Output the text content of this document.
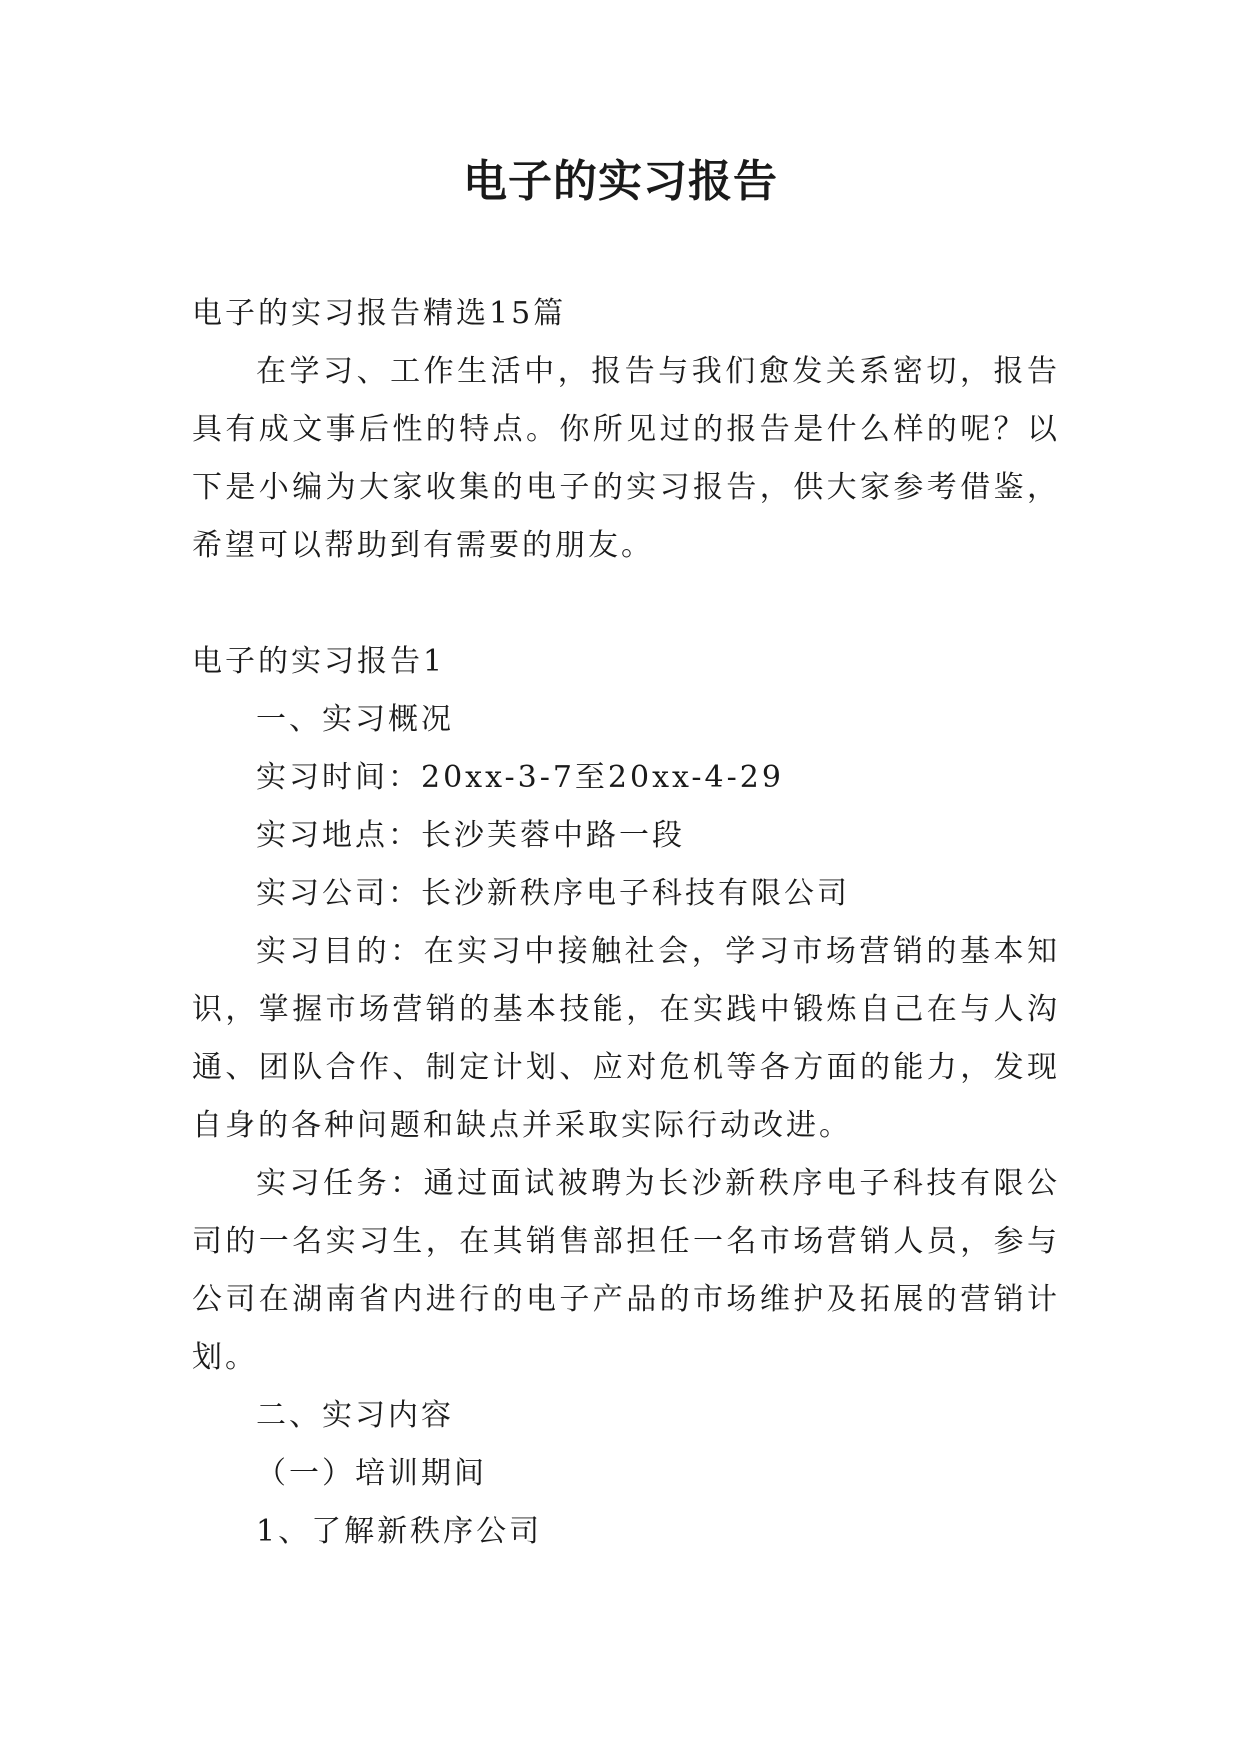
电子的实习报告

电子的实习报告精选15篇

在学习、工作生活中，报告与我们愈发关系密切，报告具有成文事后性的特点。你所见过的报告是什么样的呢？以下是小编为大家收集的电子的实习报告，供大家参考借鉴，希望可以帮助到有需要的朋友。

电子的实习报告1

一、实习概况

实习时间：20xx-3-7至20xx-4-29

实习地点：长沙芙蓉中路一段

实习公司：长沙新秩序电子科技有限公司

实习目的：在实习中接触社会，学习市场营销的基本知识，掌握市场营销的基本技能，在实践中锻炼自己在与人沟通、团队合作、制定计划、应对危机等各方面的能力，发现自身的各种问题和缺点并采取实际行动改进。

实习任务：通过面试被聘为长沙新秩序电子科技有限公司的一名实习生，在其销售部担任一名市场营销人员，参与公司在湖南省内进行的电子产品的市场维护及拓展的营销计划。

二、实习内容

（一）培训期间

1、了解新秩序公司
